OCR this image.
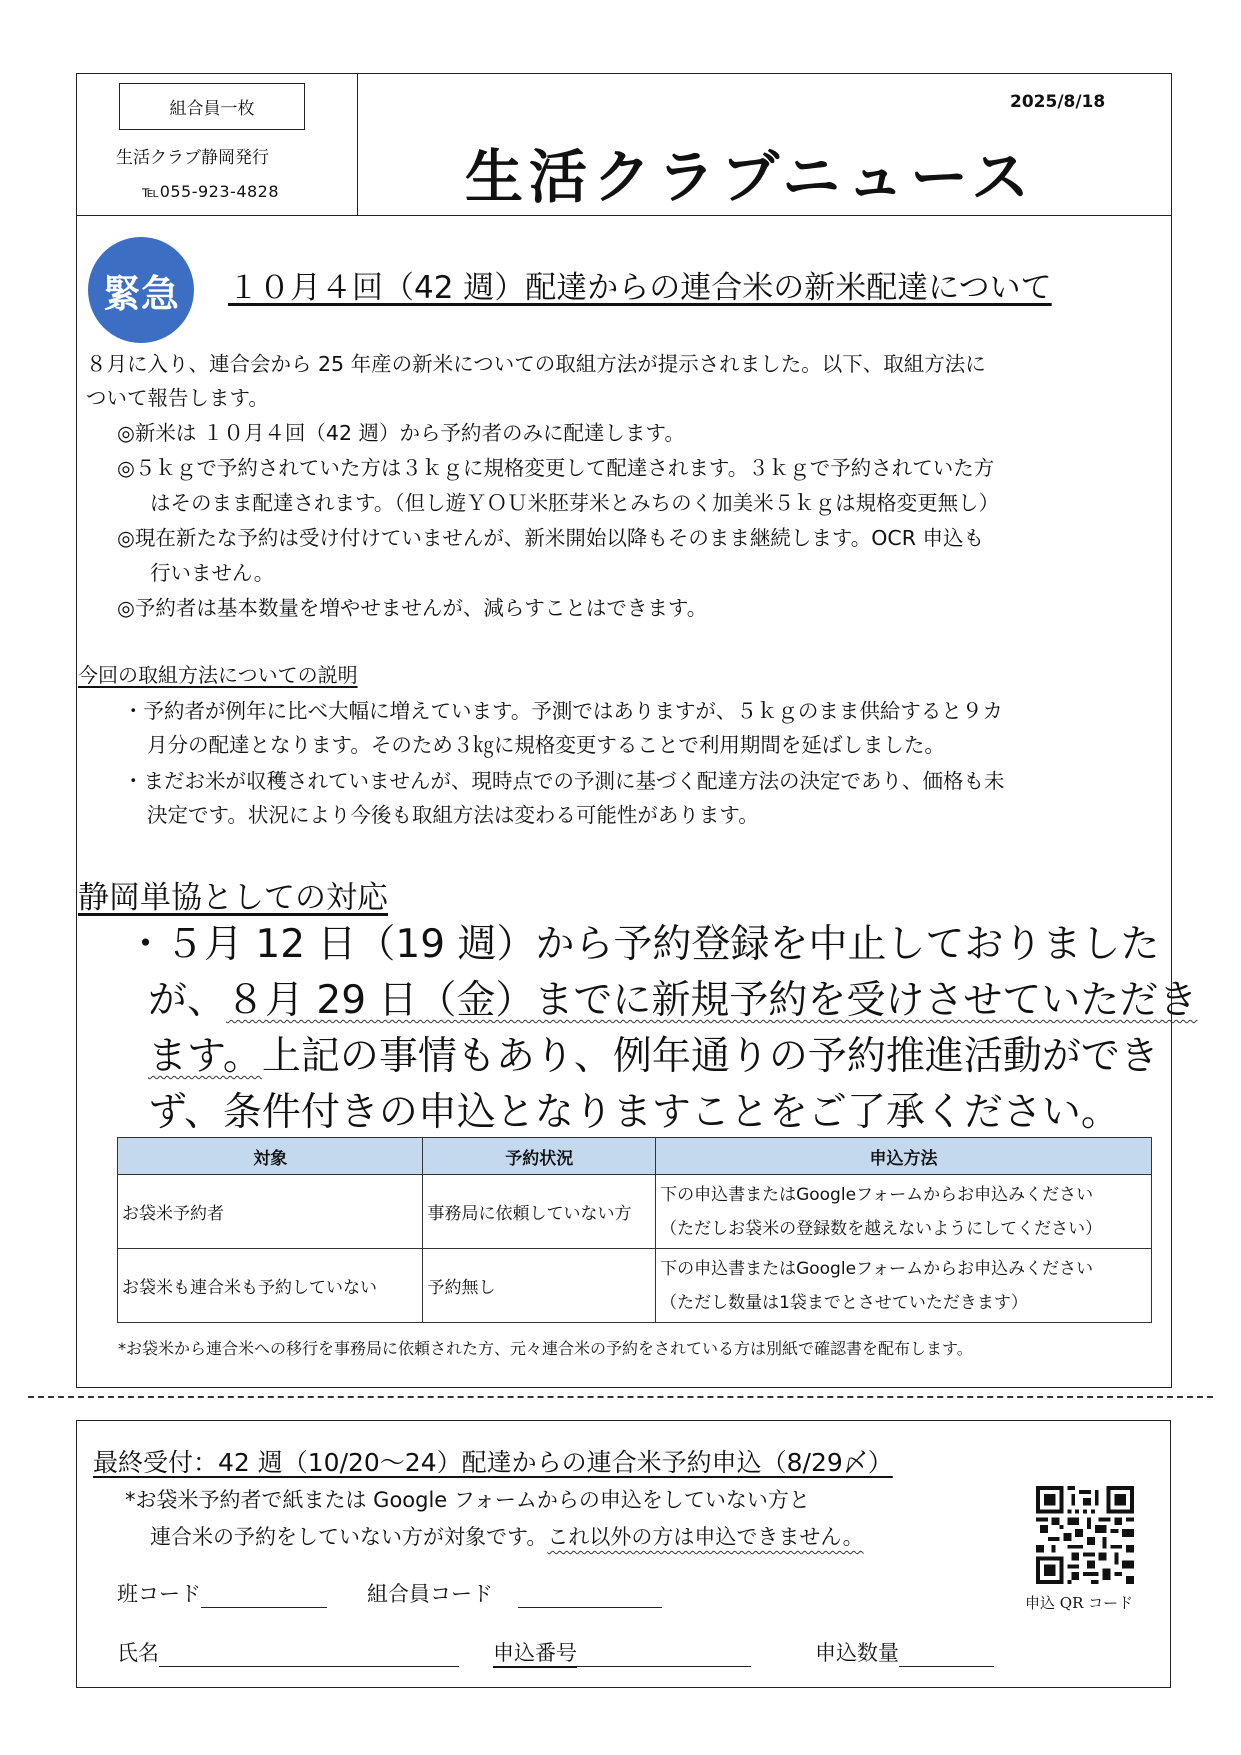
組合員一枚
生活クラブ静岡発行
℡055-923-4828
2025/8/18
生活クラブニュース
緊急	１０月４回（42 週）配達からの連合米の新米配達について
８月に入り、連合会から 25 年産の新米についての取組方法が提示されました。以下、取組方法に
ついて報告します。
◎新米は １０月４回（42 週）から予約者のみに配達します。
◎５ｋｇで予約されていた方は３ｋｇに規格変更して配達されます。３ｋｇで予約されていた方
はそのまま配達されます。（但し遊ＹＯＵ米胚芽米とみちのく加美米５ｋｇは規格変更無し）
◎現在新たな予約は受け付けていませんが、新米開始以降もそのまま継続します。OCR 申込も
行いません。
◎予約者は基本数量を増やせませんが、減らすことはできます。
今回の取組方法についての説明
・予約者が例年に比べ大幅に増えています。予測ではありますが、５ｋｇのまま供給すると９カ
月分の配達となります。そのため３㎏に規格変更することで利用期間を延ばしました。
・まだお米が収穫されていませんが、現時点での予測に基づく配達方法の決定であり、価格も未
決定です。状況により今後も取組方法は変わる可能性があります。
静岡単協としての対応
・５月 12 日（19 週）から予約登録を中止しておりました
が、８月 29 日（金）までに新規予約を受けさせていただき
ます。上記の事情もあり、例年通りの予約推進活動ができ
ず、条件付きの申込となりますことをご了承ください。
対象	予約状況	申込方法
お袋米予約者	事務局に依頼していない方	下の申込書またはGoogleフォームからお申込みください
（ただしお袋米の登録数を越えないようにしてください）

お袋米も連合米も予約していない	予約無し	下の申込書またはGoogleフォームからお申込みください
（ただし数量は1袋までとさせていただきます）
*お袋米から連合米への移行を事務局に依頼された方、元々連合米の予約をされている方は別紙で確認書を配布します。
最終受付：42 週（10/20～24）配達からの連合米予約申込（8/29〆）
*お袋米予約者で紙または Google フォームからの申込をしていない方と
連合米の予約をしていない方が対象です。これ以外の方は申込できません。
申込 QR コード
班コード	組合員コード
氏名	申込番号	申込数量
